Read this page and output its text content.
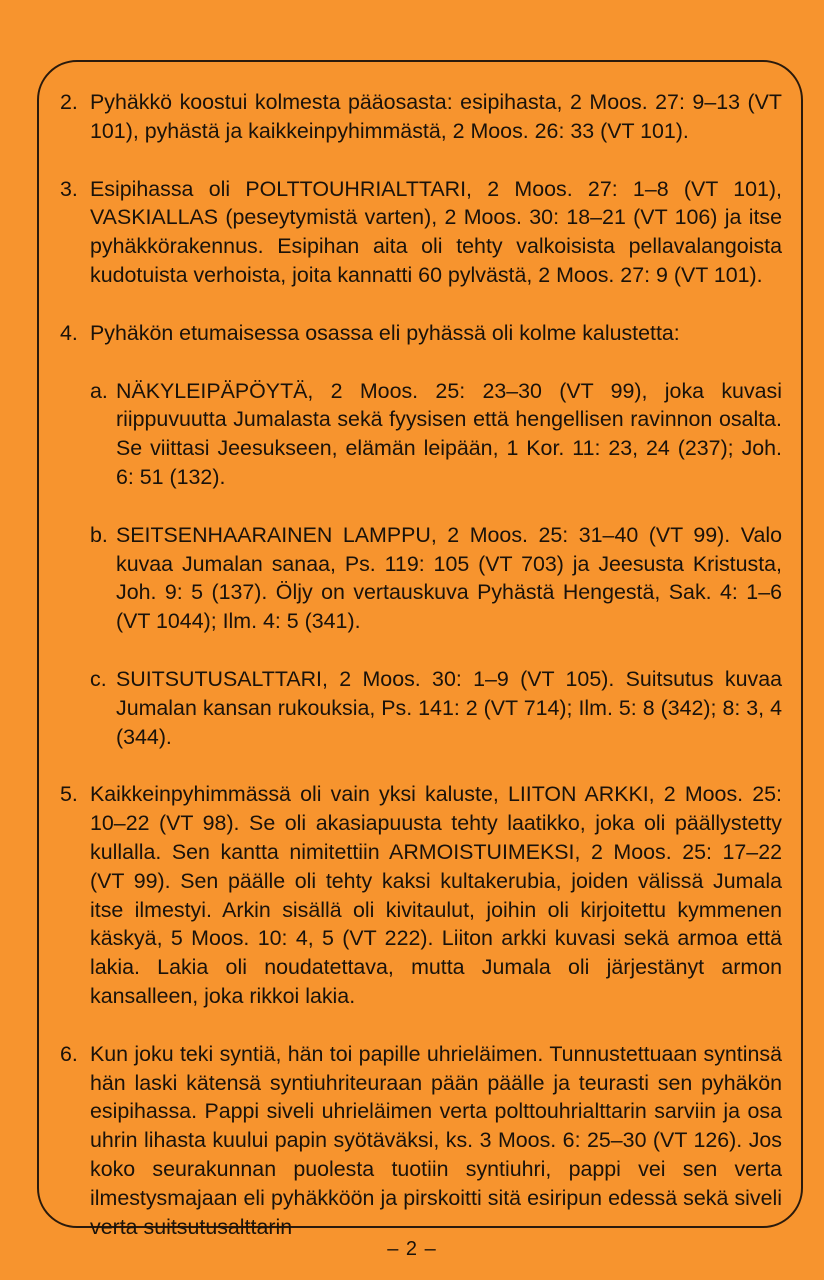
2. Pyhäkkö koostui kolmesta pääosasta: esipihasta, 2 Moos. 27: 9–13 (VT 101), pyhästä ja kaikkeinpyhimmästä, 2 Moos. 26: 33 (VT 101).
3. Esipihassa oli POLTTOUHRIALTTARI, 2 Moos. 27: 1–8 (VT 101), VASKIALLAS (peseytymistä varten), 2 Moos. 30: 18–21 (VT 106) ja itse pyhäkkörakennus. Esipihan aita oli tehty valkoisista pellavalangoista kudotuista verhoista, joita kannatti 60 pylvästä, 2 Moos. 27: 9 (VT 101).
4. Pyhäkön etumaisessa osassa eli pyhässä oli kolme kalustetta:
a. NÄKYLEIPÄPÖYTÄ, 2 Moos. 25: 23–30 (VT 99), joka kuvasi riippuvuutta Jumalasta sekä fyysisen että hengellisen ravinnon osalta. Se viittasi Jeesukseen, elämän leipään, 1 Kor. 11: 23, 24 (237); Joh. 6: 51 (132).
b. SEITSENHAARAINEN LAMPPU, 2 Moos. 25: 31–40 (VT 99). Valo kuvaa Jumalan sanaa, Ps. 119: 105 (VT 703) ja Jeesusta Kristusta, Joh. 9: 5 (137). Öljy on vertauskuva Pyhästä Hengestä, Sak. 4: 1–6 (VT 1044); Ilm. 4: 5 (341).
c. SUITSUTUSALTTARI, 2 Moos. 30: 1–9 (VT 105). Suitsutus kuvaa Jumalan kansan rukouksia, Ps. 141: 2 (VT 714); Ilm. 5: 8 (342); 8: 3, 4 (344).
5. Kaikkeinpyhimmässä oli vain yksi kaluste, LIITON ARKKI, 2 Moos. 25: 10–22 (VT 98). Se oli akasiapuusta tehty laatikko, joka oli päällystetty kullalla. Sen kantta nimitettiin ARMOISTUIMEKSI, 2 Moos. 25: 17–22 (VT 99). Sen päälle oli tehty kaksi kultakerubia, joiden välissä Jumala itse ilmestyi. Arkin sisällä oli kivitaulut, joihin oli kirjoitettu kymmenen käskyä, 5 Moos. 10: 4, 5 (VT 222). Liiton arkki kuvasi sekä armoa että lakia. Lakia oli noudatettava, mutta Jumala oli järjestänyt armon kansalleen, joka rikkoi lakia.
6. Kun joku teki syntiä, hän toi papille uhrieläimen. Tunnustettuaan syntinsä hän laski kätensä syntiuhriteuraan pään päälle ja teurasti sen pyhäkön esipihassa. Pappi siveli uhrieläimen verta polttouhrialttarin sarviin ja osa uhrin lihasta kuului papin syötäväksi, ks. 3 Moos. 6: 25–30 (VT 126). Jos koko seurakunnan puolesta tuotiin syntiuhri, pappi vei sen verta ilmestysmajaan eli pyhäkköön ja pirskoitti sitä esiripun edessä sekä siveli verta suitsutusalttarin
– 2 –
